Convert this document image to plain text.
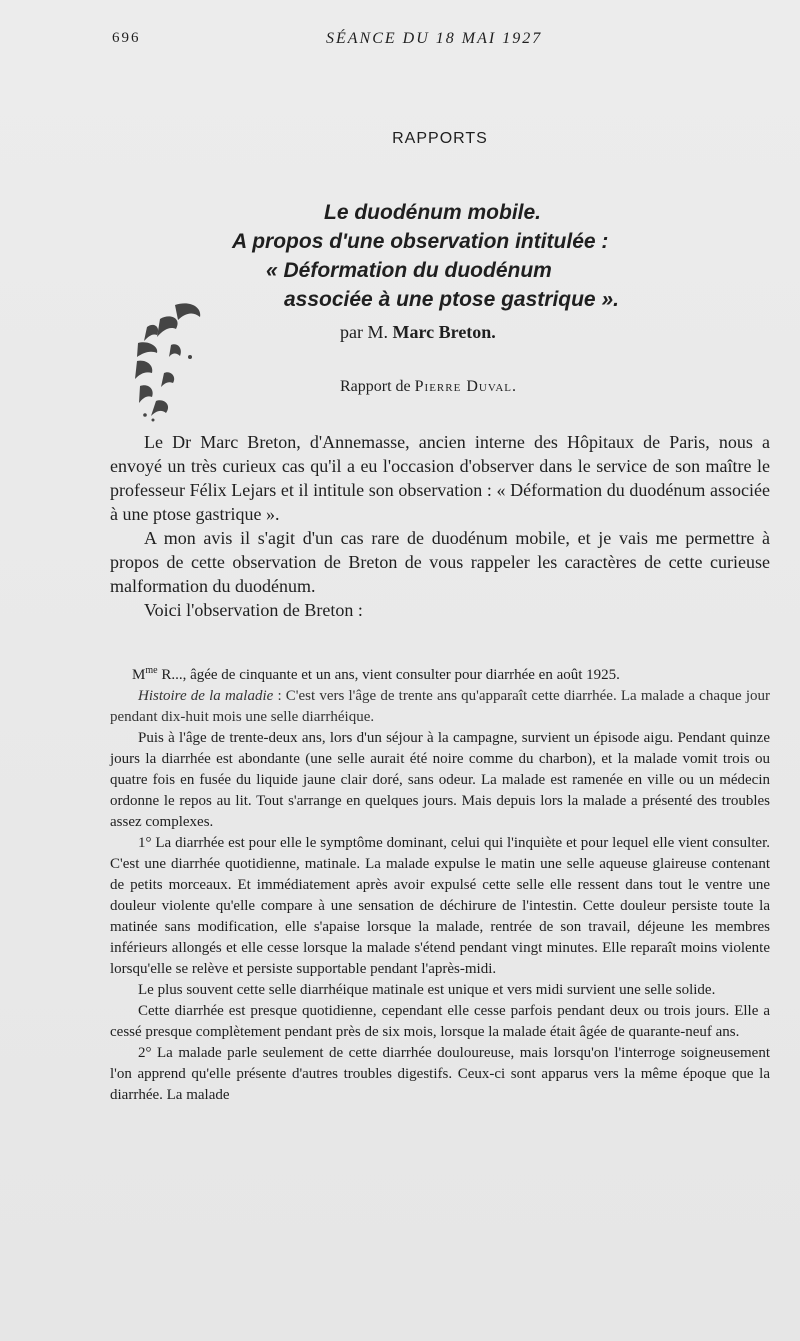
696	SÉANCE DU 18 MAI 1927
RAPPORTS
Le duodénum mobile.
A propos d'une observation intitulée :
« Déformation du duodénum
associée à une ptose gastrique ».
par M. Marc Breton.
Rapport de Pierre Duval.

Le Dr Marc Breton, d'Annemasse, ancien interne des Hôpitaux de Paris, nous a envoyé un très curieux cas qu'il a eu l'occasion d'observer dans le service de son maître le professeur Félix Lejars et il intitule son observation : « Déformation du duodénum associée à une ptose gastrique ».

A mon avis il s'agit d'un cas rare de duodénum mobile, et je vais me permettre à propos de cette observation de Breton de vous rappeler les caractères de cette curieuse malformation du duodénum.

Voici l'observation de Breton :

$M^{me}$ R..., âgée de cinquante et un ans, vient consulter pour diarrhée en août 1925.

Histoire de la maladie : C'est vers l'âge de trente ans qu'apparaît cette diarrhée. La malade a chaque jour pendant dix-huit mois une selle diarrhéique.

Puis à l'âge de trente-deux ans, lors d'un séjour à la campagne, survient un épisode aigu. Pendant quinze jours la diarrhée est abondante (une selle aurait été noire comme du charbon), et la malade vomit trois ou quatre fois en fusée du liquide jaune clair doré, sans odeur. La malade est ramenée en ville ou un médecin ordonne le repos au lit. Tout s'arrange en quelques jours. Mais depuis lors la malade a présenté des troubles assez complexes.

1° La diarrhée est pour elle le symptôme dominant, celui qui l'inquiète et pour lequel elle vient consulter. C'est une diarrhée quotidienne, matinale. La malade expulse le matin une selle aqueuse glaireuse contenant de petits morceaux. Et immédiatement après avoir expulsé cette selle elle ressent dans tout le ventre une douleur violente qu'elle compare à une sensation de déchirure de l'intestin. Cette douleur persiste toute la matinée sans modification, elle s'apaise lorsque la malade, rentrée de son travail, déjeune les membres inférieurs allongés et elle cesse lorsque la malade s'étend pendant vingt minutes. Elle reparaît moins violente lorsqu'elle se relève et persiste supportable pendant l'après-midi.

Le plus souvent cette selle diarrhéique matinale est unique et vers midi survient une selle solide.

Cette diarrhée est presque quotidienne, cependant elle cesse parfois pendant deux ou trois jours. Elle a cessé presque complètement pendant près de six mois, lorsque la malade était âgée de quarante-neuf ans.

2° La malade parle seulement de cette diarrhée douloureuse, mais lorsqu'on l'interroge soigneusement l'on apprend qu'elle présente d'autres troubles digestifs. Ceux-ci sont apparus vers la même époque que la diarrhée. La malade
